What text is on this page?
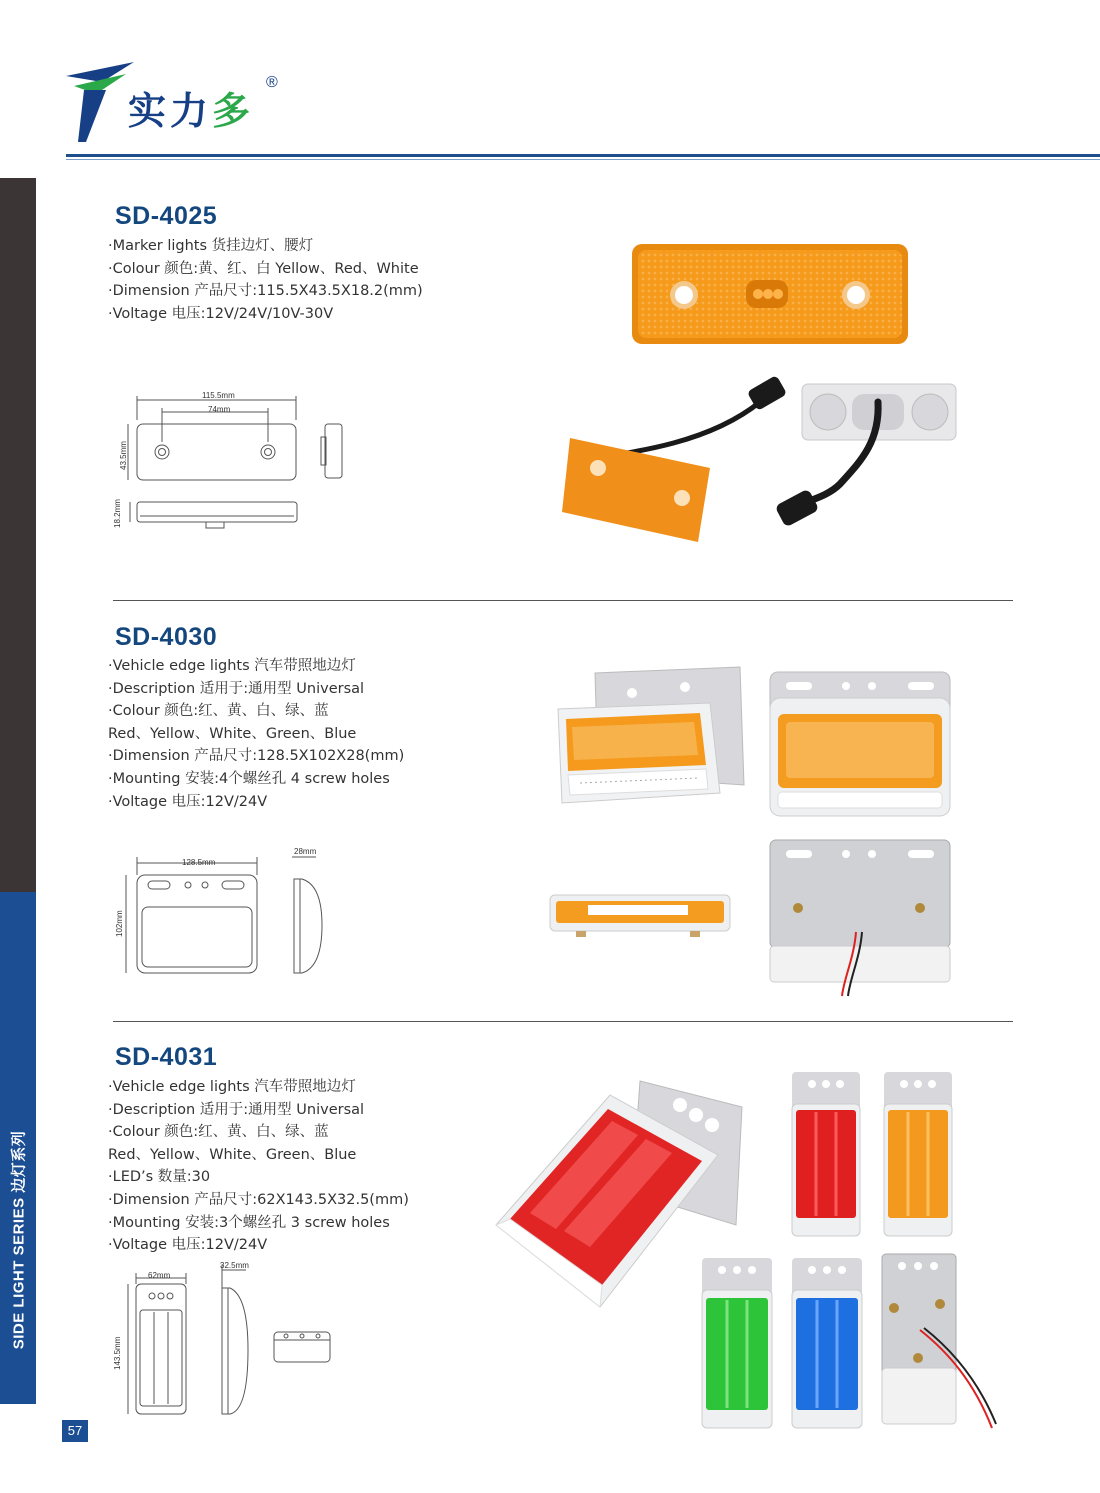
实力多
®
SIDE LIGHT SERIES 边灯系列
57
SD-4025
·Marker lights 货挂边灯、腰灯
·Colour 颜色:黄、红、白 Yellow、Red、White
·Dimension 产品尺寸:115.5X43.5X18.2(mm)
·Voltage 电压:12V/24V/10V-30V
115.5mm
74mm
43.5mm
18.2mm
SD-4030
·Vehicle edge lights 汽车带照地边灯
·Description 适用于:通用型 Universal
·Colour 颜色:红、黄、白、绿、蓝
Red、Yellow、White、Green、Blue
·Dimension 产品尺寸:128.5X102X28(mm)
·Mounting 安装:4个螺丝孔 4 screw holes
·Voltage 电压:12V/24V
128.5mm
102mm
28mm
SD-4031
·Vehicle edge lights 汽车带照地边灯
·Description 适用于:通用型 Universal
·Colour 颜色:红、黄、白、绿、蓝
Red、Yellow、White、Green、Blue
·LED’s 数量:30
·Dimension 产品尺寸:62X143.5X32.5(mm)
·Mounting 安装:3个螺丝孔 3 screw holes
·Voltage 电压:12V/24V
62mm
143.5mm
32.5mm
